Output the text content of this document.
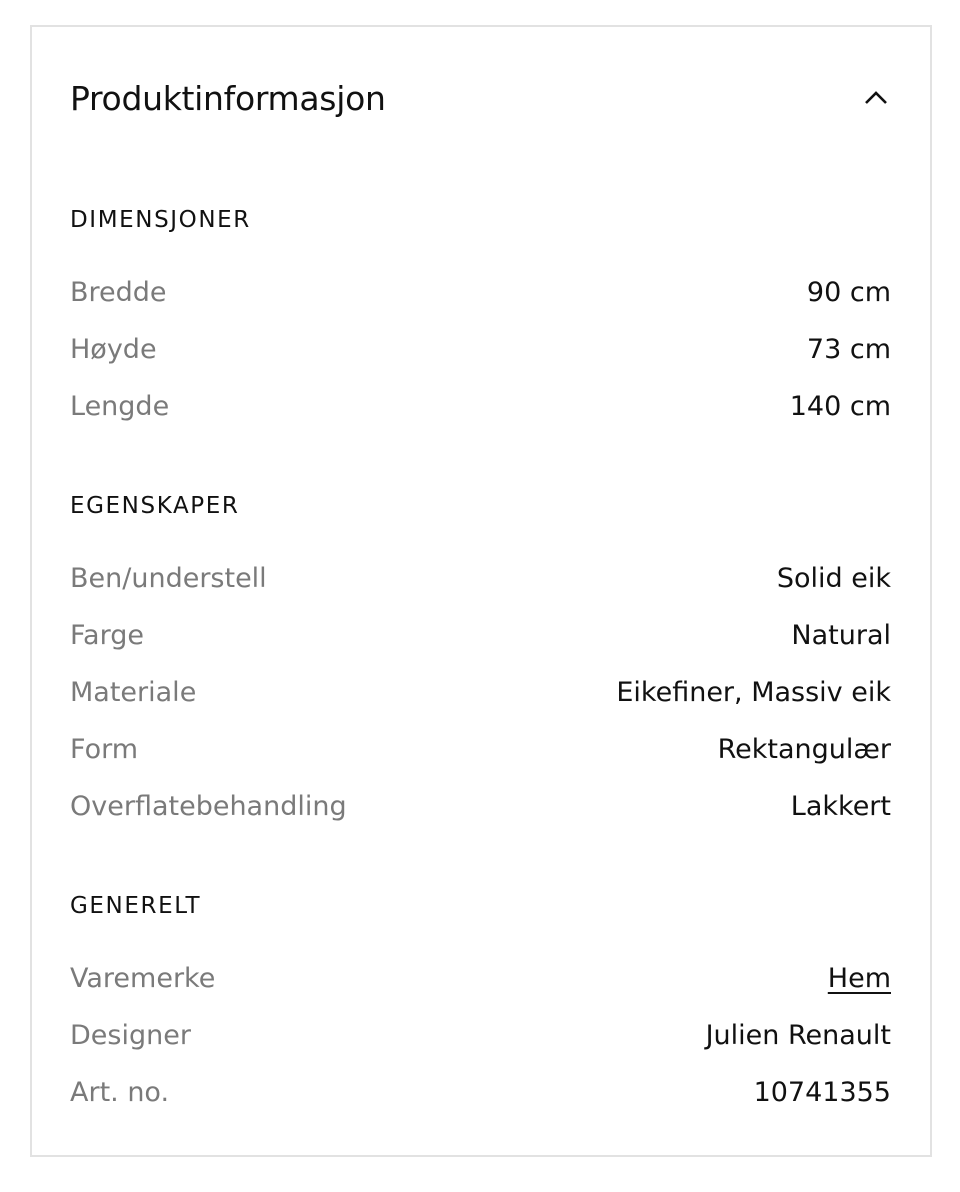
Produktinformasjon
DIMENSJONER
Bredde	90 cm
Høyde	73 cm
Lengde	140 cm
EGENSKAPER
Ben/understell	Solid eik
Farge	Natural
Materiale	Eikefiner, Massiv eik
Form	Rektangulær
Overflatebehandling	Lakkert
GENERELT
Varemerke	Hem
Designer	Julien Renault
Art. no.	10741355
